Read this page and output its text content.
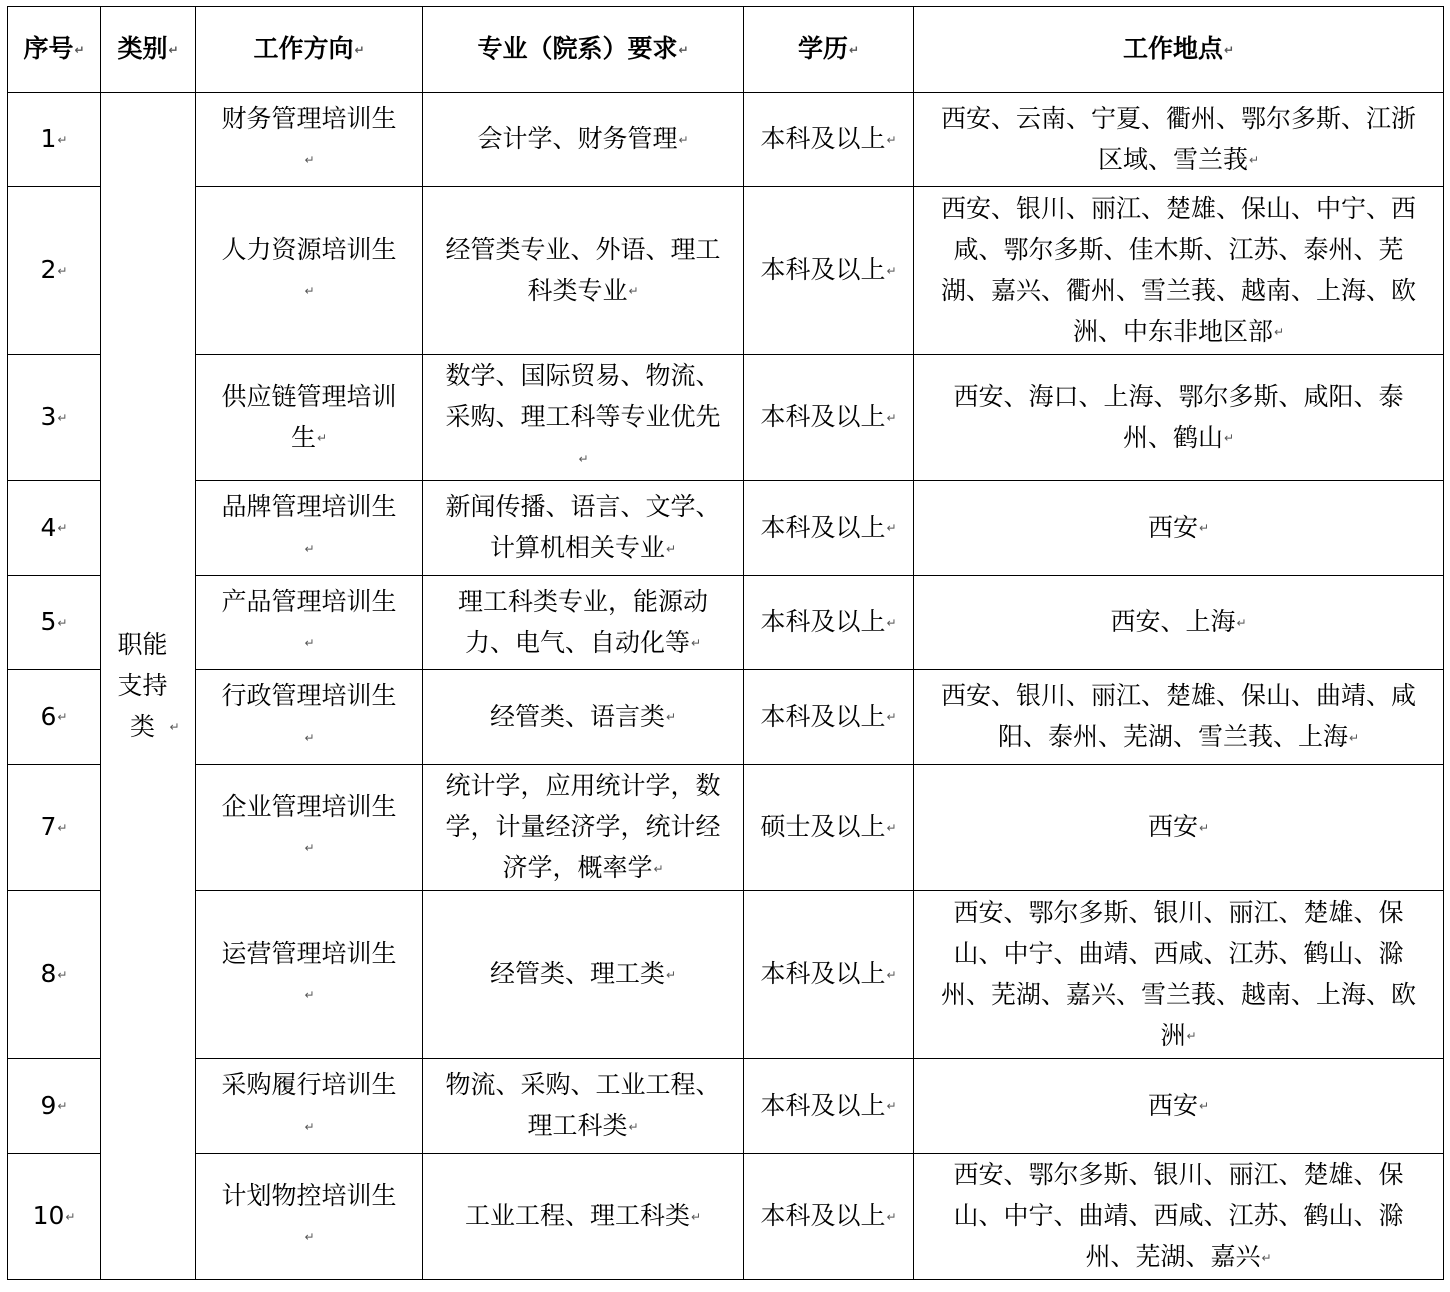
序号↵	类别↵	工作方向↵	专业（院系）要求↵	学历↵	工作地点↵
1↵	职能支持类 ↵	财务管理培训生↵	会计学、财务管理↵	本科及以上↵	西安、云南、宁夏、衢州、鄂尔多斯、江浙区域、雪兰莪↵
2↵		人力资源培训生↵	经管类专业、外语、理工科类专业↵	本科及以上↵	西安、银川、丽江、楚雄、保山、中宁、西咸、鄂尔多斯、佳木斯、江苏、泰州、芜湖、嘉兴、衢州、雪兰莪、越南、上海、欧洲、中东非地区部↵
3↵		供应链管理培训生↵	数学、国际贸易、物流、采购、理工科等专业优先↵	本科及以上↵	西安、海口、上海、鄂尔多斯、咸阳、泰州、鹤山↵
4↵		品牌管理培训生↵	新闻传播、语言、文学、计算机相关专业↵	本科及以上↵	西安↵
5↵		产品管理培训生↵	理工科类专业，能源动力、电气、自动化等↵	本科及以上↵	西安、上海↵
6↵		行政管理培训生↵	经管类、语言类↵	本科及以上↵	西安、银川、丽江、楚雄、保山、曲靖、咸阳、泰州、芜湖、雪兰莪、上海↵
7↵		企业管理培训生↵	统计学，应用统计学，数学，计量经济学，统计经济学，概率学↵	硕士及以上↵	西安↵
8↵		运营管理培训生↵	经管类、理工类↵	本科及以上↵	西安、鄂尔多斯、银川、丽江、楚雄、保山、中宁、曲靖、西咸、江苏、鹤山、滁州、芜湖、嘉兴、雪兰莪、越南、上海、欧洲↵
9↵		采购履行培训生↵	物流、采购、工业工程、理工科类↵	本科及以上↵	西安↵
10↵		计划物控培训生↵	工业工程、理工科类↵	本科及以上↵	西安、鄂尔多斯、银川、丽江、楚雄、保山、中宁、曲靖、西咸、江苏、鹤山、滁州、芜湖、嘉兴↵
